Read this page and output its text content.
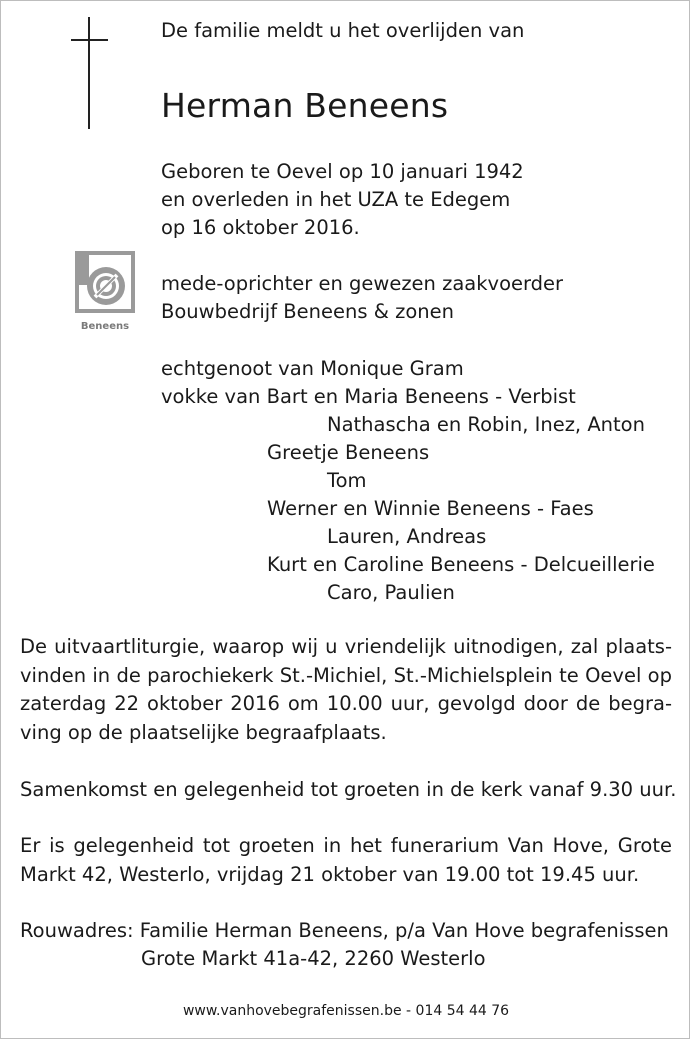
De familie meldt u het overlijden van
Herman Beneens
Geboren te Oevel op 10 januari 1942
en overleden in het UZA te Edegem
op 16 oktober 2016.
Beneens
mede-oprichter en gewezen zaakvoerder
Bouwbedrijf Beneens & zonen
echtgenoot van Monique Gram
vokke van Bart en Maria Beneens - Verbist
Nathascha en Robin, Inez, Anton
Greetje Beneens
Tom
Werner en Winnie Beneens - Faes
Lauren, Andreas
Kurt en Caroline Beneens - Delcueillerie
Caro, Paulien
De uitvaartliturgie, waarop wij u vriendelijk uitnodigen, zal plaats-
vinden in de parochiekerk St.-Michiel, St.-Michielsplein te Oevel op
zaterdag 22 oktober 2016 om 10.00 uur, gevolgd door de begra-
ving op de plaatselijke begraafplaats.
Samenkomst en gelegenheid tot groeten in de kerk vanaf 9.30 uur.
Er is gelegenheid tot groeten in het funerarium Van Hove, Grote
Markt 42, Westerlo, vrijdag 21 oktober van 19.00 tot 19.45 uur.
Rouwadres: Familie Herman Beneens, p/a Van Hove begrafenissen
Grote Markt 41a-42, 2260 Westerlo
www.vanhovebegrafenissen.be - 014 54 44 76
